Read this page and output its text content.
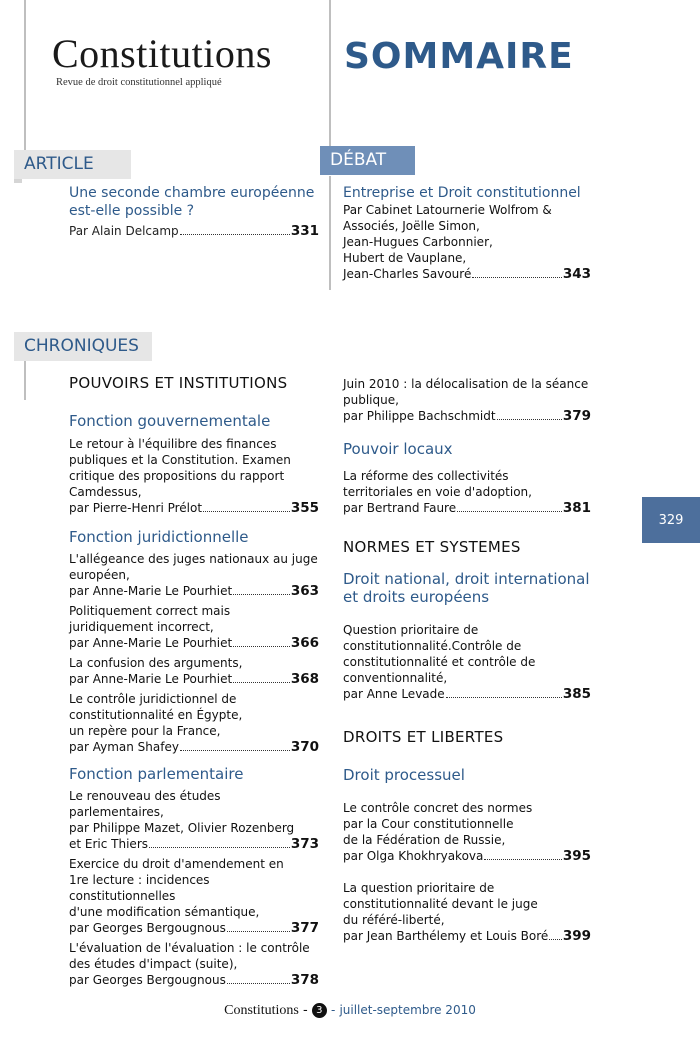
Constitutions
Revue de droit constitutionnel appliqué
SOMMAIRE
ARTICLE
Une seconde chambre européenne
est-elle possible ?
Par Alain Delcamp	331
DÉBAT
Entreprise et Droit constitutionnel
Par Cabinet Latournerie Wolfrom &
Associés, Joëlle Simon,
Jean-Hugues Carbonnier,
Hubert de Vauplane,
Jean-Charles Savouré	343
CHRONIQUES
POUVOIRS ET INSTITUTIONS
Fonction gouvernementale
Le retour à l'équilibre des finances
publiques et la Constitution. Examen
critique des propositions du rapport
Camdessus,
par Pierre-Henri Prélot	355
Fonction juridictionnelle
L'allégeance des juges nationaux au juge
européen,
par Anne-Marie Le Pourhiet	363
Politiquement correct mais
juridiquement incorrect,
par Anne-Marie Le Pourhiet	366
La confusion des arguments,
par Anne-Marie Le Pourhiet	368
Le contrôle juridictionnel de
constitutionnalité en Égypte,
un repère pour la France,
par Ayman Shafey	370
Fonction parlementaire
Le renouveau des études
parlementaires,
par Philippe Mazet, Olivier Rozenberg
et Eric Thiers	373
Exercice du droit d'amendement en
1re lecture : incidences constitutionnelles
d'une modification sémantique,
par Georges Bergougnous	377
L'évaluation de l'évaluation : le contrôle
des études d'impact (suite),
par Georges Bergougnous	378
Juin 2010 : la délocalisation de la séance
publique,
par Philippe Bachschmidt	379
Pouvoir locaux
La réforme des collectivités
territoriales en voie d'adoption,
par Bertrand Faure	381
NORMES ET SYSTEMES
Droit national, droit international
et droits européens
Question prioritaire de
constitutionnalité.Contrôle de
constitutionnalité et contrôle de
conventionnalité,
par Anne Levade	385
DROITS ET LIBERTES
Droit processuel
Le contrôle concret des normes
par la Cour constitutionnelle
de la Fédération de Russie,
par Olga Khokhryakova	395
La question prioritaire de
constitutionnalité devant le juge
du référé-liberté,
par Jean Barthélemy et Louis Boré 399
329
Constitutions - 3 - juillet-septembre 2010
